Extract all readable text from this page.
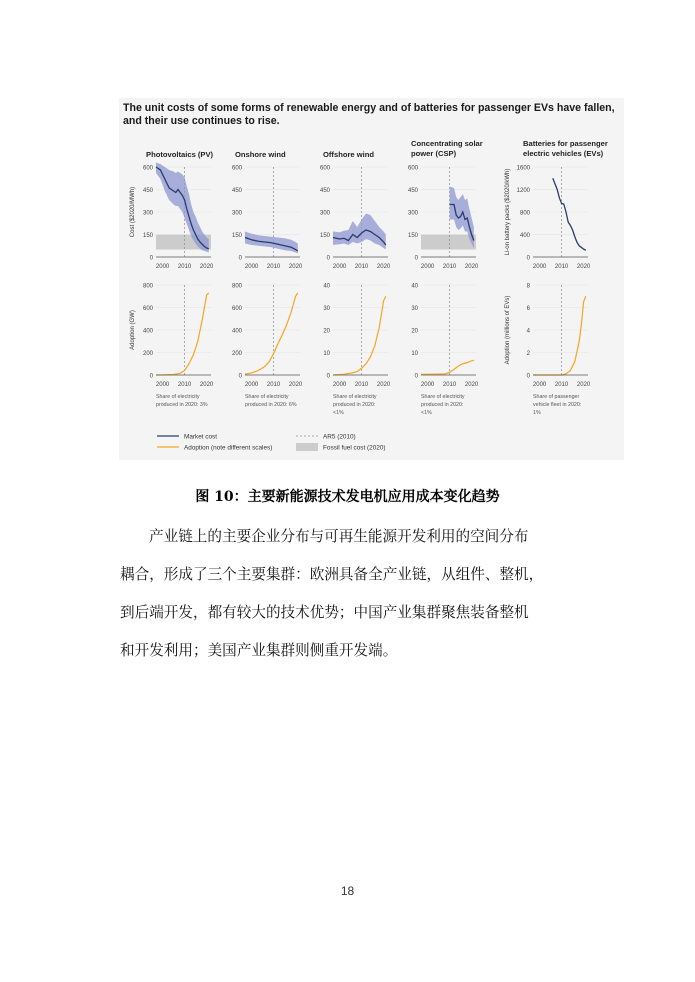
The unit costs of some forms of renewable energy and of batteries for passenger EVs have fallen,
and their use continues to rise.
Photovoltaics (PV)
600
450
300
150
0
2000 2010 2020
Cost ($2020/MWh)
Onshore wind
600
450
300
150
0
2000 2010 2020
Offshore wind
600
450
300
150
0
2000 2010 2020
Concentrating solar
power (CSP)
600
450
300
150
0
2000 2010 2020
Batteries for passenger
electric vehicles (EVs)
1600
1200
800
400
0
2000 2010 2020
Li-on battery packs ($2020/kWh)
800
600
400
200
0
2000 2010 2020
Adoption (GW)
Share of electricity
produced in 2020: 3%
800
600
400
200
0
2000 2010 2020
Share of electricity
produced in 2020: 6%
40
30
20
10
0
2000 2010 2020
Share of electricity
produced in 2020:
<1%
40
30
20
10
0
2000 2010 2020
Share of electricity
produced in 2020:
<1%
8
6
4
2
0
2000 2010 2020
Adoption (millions of EVs)
Share of passenger
vehicle fleet in 2020:
1%
Market cost
Adoption (note different scales)
AR5 (2010)
Fossil fuel cost (2020)
图 10：主要新能源技术发电机应用成本变化趋势
产业链上的主要企业分布与可再生能源开发利用的空间分布
耦合，形成了三个主要集群：欧洲具备全产业链，从组件、整机，
到后端开发，都有较大的技术优势；中国产业集群聚焦装备整机
和开发利用；美国产业集群则侧重开发端。
18
